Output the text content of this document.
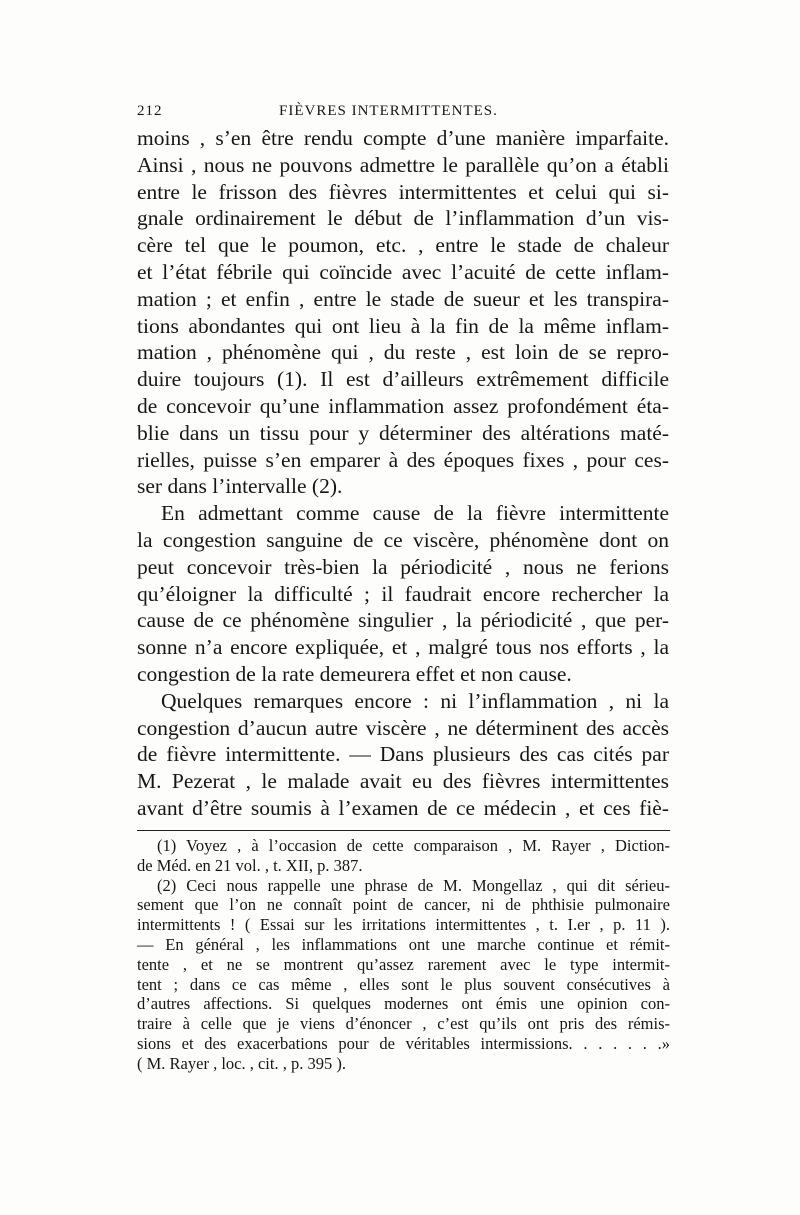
212	FIÈVRES INTERMITTENTES.
moins , s’en être rendu compte d’une manière imparfaite.
Ainsi , nous ne pouvons admettre le parallèle qu’on a établi
entre le frisson des fièvres intermittentes et celui qui si-
gnale ordinairement le début de l’inflammation d’un vis-
cère tel que le poumon, etc. , entre le stade de chaleur
et l’état fébrile qui coïncide avec l’acuité de cette inflam-
mation ; et enfin , entre le stade de sueur et les transpira-
tions abondantes qui ont lieu à la fin de la même inflam-
mation , phénomène qui , du reste , est loin de se repro-
duire toujours (1). Il est d’ailleurs extrêmement difficile
de concevoir qu’une inflammation assez profondément éta-
blie dans un tissu pour y déterminer des altérations maté-
rielles, puisse s’en emparer à des époques fixes , pour ces-
ser dans l’intervalle (2).
En admettant comme cause de la fièvre intermittente
la congestion sanguine de ce viscère, phénomène dont on
peut concevoir très-bien la périodicité , nous ne ferions
qu’éloigner la difficulté ; il faudrait encore rechercher la
cause de ce phénomène singulier , la périodicité , que per-
sonne n’a encore expliquée, et , malgré tous nos efforts , la
congestion de la rate demeurera effet et non cause.
Quelques remarques encore : ni l’inflammation , ni la
congestion d’aucun autre viscère , ne déterminent des accès
de fièvre intermittente. — Dans plusieurs des cas cités par
M. Pezerat , le malade avait eu des fièvres intermittentes
avant d’être soumis à l’examen de ce médecin , et ces fiè-
(1) Voyez , à l’occasion de cette comparaison , M. Rayer , Diction-
de Méd. en 21 vol. , t. XII, p. 387.
(2) Ceci nous rappelle une phrase de M. Mongellaz , qui dit sérieu-
sement que l’on ne connaît point de cancer, ni de phthisie pulmonaire
intermittents ! ( Essai sur les irritations intermittentes , t. I.er , p. 11 ).
— En général , les inflammations ont une marche continue et rémit-
tente , et ne se montrent qu’assez rarement avec le type intermit-
tent ; dans ce cas même , elles sont le plus souvent consécutives à
d’autres affections. Si quelques modernes ont émis une opinion con-
traire à celle que je viens d’énoncer , c’est qu’ils ont pris des rémis-
sions et des exacerbations pour de véritables intermissions. . . . . . .»
( M. Rayer , loc. , cit. , p. 395 ).
